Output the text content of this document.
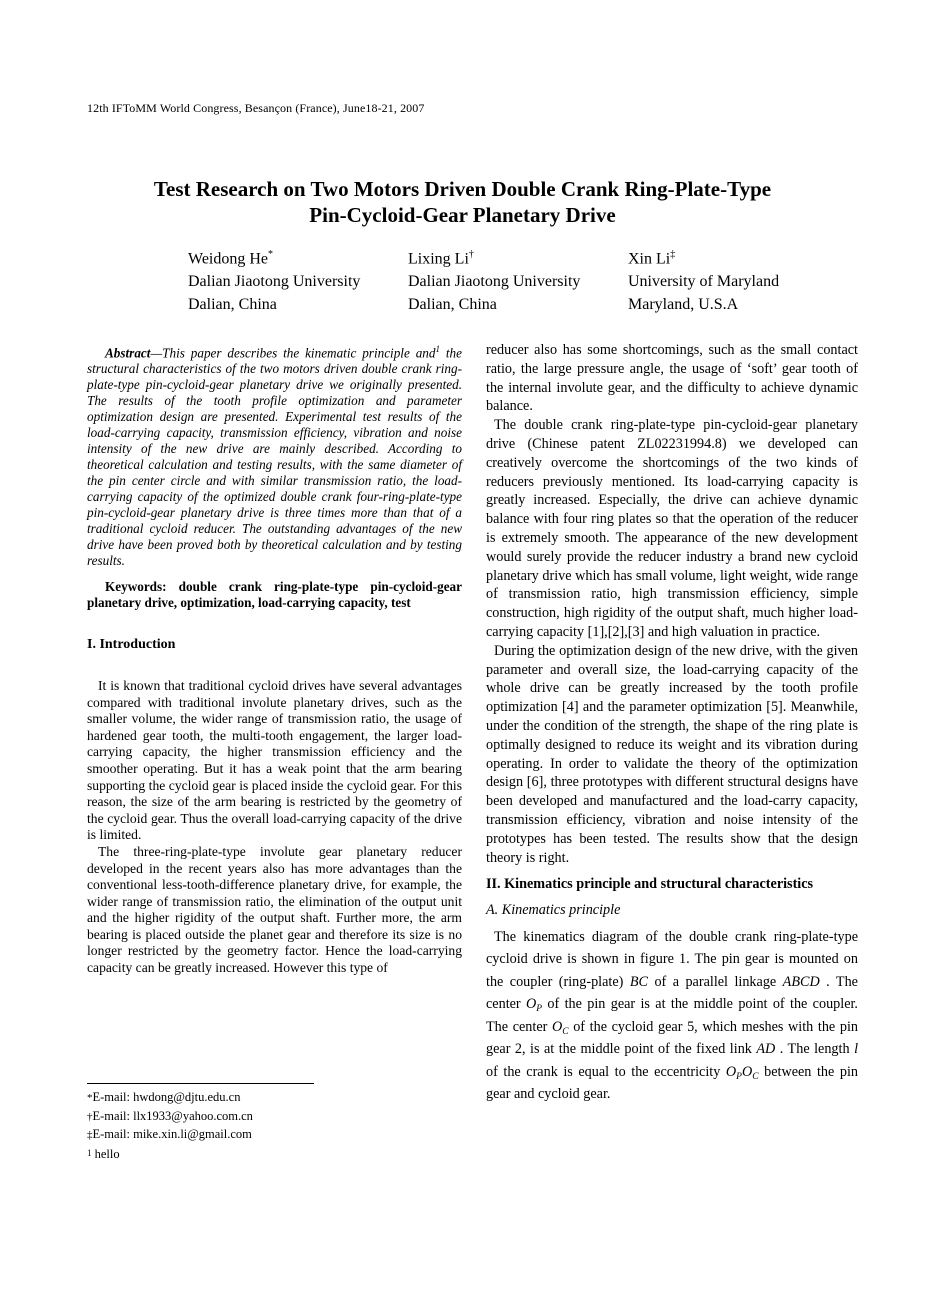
12th IFToMM World Congress, Besançon (France), June18-21, 2007
Test Research on Two Motors Driven Double Crank Ring-Plate-Type
Pin-Cycloid-Gear Planetary Drive
Weidong He*
Dalian Jiaotong University
Dalian, China
Lixing Li†
Dalian Jiaotong University
Dalian, China
Xin Li‡
University of Maryland
Maryland, U.S.A

Abstract—This paper describes the kinematic principle and$^1$ the structural characteristics of the two motors driven double crank ring-plate-type pin-cycloid-gear planetary drive we originally presented. The results of the tooth profile optimization and parameter optimization design are presented. Experimental test results of the load-carrying capacity, transmission efficiency, vibration and noise intensity of the new drive are mainly described. According to theoretical calculation and testing results, with the same diameter of the pin center circle and with similar transmission ratio, the load-carrying capacity of the optimized double crank four-ring-plate-type pin-cycloid-gear planetary drive is three times more than that of a traditional cycloid reducer. The outstanding advantages of the new drive have been proved both by theoretical calculation and by testing results.

Keywords: double crank ring-plate-type pin-cycloid-gear planetary drive, optimization, load-carrying capacity, test

I. Introduction

It is known that traditional cycloid drives have several advantages compared with traditional involute planetary drives, such as the smaller volume, the wider range of transmission ratio, the usage of hardened gear tooth, the multi-tooth engagement, the larger load-carrying capacity, the higher transmission efficiency and the smoother operating. But it has a weak point that the arm bearing supporting the cycloid gear is placed inside the cycloid gear. For this reason, the size of the arm bearing is restricted by the geometry of the cycloid gear. Thus the overall load-carrying capacity of the drive is limited.

The three-ring-plate-type involute gear planetary reducer developed in the recent years also has more advantages than the conventional less-tooth-difference planetary drive, for example, the wider range of transmission ratio, the elimination of the output unit and the higher rigidity of the output shaft. Further more, the arm bearing is placed outside the planet gear and therefore its size is no longer restricted by the geometry factor. Hence the load-carrying capacity can be greatly increased. However this type of

reducer also has some shortcomings, such as the small contact ratio, the large pressure angle, the usage of ‘soft’ gear tooth of the internal involute gear, and the difficulty to achieve dynamic balance.

The double crank ring-plate-type pin-cycloid-gear planetary drive (Chinese patent ZL02231994.8) we developed can creatively overcome the shortcomings of the two kinds of reducers previously mentioned. Its load-carrying capacity is greatly increased. Especially, the drive can achieve dynamic balance with four ring plates so that the operation of the reducer is extremely smooth. The appearance of the new development would surely provide the reducer industry a brand new cycloid planetary drive which has small volume, light weight, wide range of transmission ratio, high transmission efficiency, simple construction, high rigidity of the output shaft, much higher load-carrying capacity [1],[2],[3] and high valuation in practice.

During the optimization design of the new drive, with the given parameter and overall size, the load-carrying capacity of the whole drive can be greatly increased by the tooth profile optimization [4] and the parameter optimization [5]. Meanwhile, under the condition of the strength, the shape of the ring plate is optimally designed to reduce its weight and its vibration during operating. In order to validate the theory of the optimization design [6], three prototypes with different structural designs have been developed and manufactured and the load-carry capacity, transmission efficiency, vibration and noise intensity of the prototypes has been tested. The results show that the design theory is right.

II. Kinematics principle and structural characteristics

A. Kinematics principle

The kinematics diagram of the double crank ring-plate-type cycloid drive is shown in figure 1. The pin gear is mounted on the coupler (ring-plate) BC of a parallel linkage ABCD . The center $O_P$ of the pin gear is at the middle point of the coupler. The center $O_C$ of the cycloid gear 5, which meshes with the pin gear 2, is at the middle point of the fixed link AD . The length l of the crank is equal to the eccentricity $O_PO_C$ between the pin gear and cycloid gear.

*E-mail: hwdong@djtu.edu.cn
†E-mail: llx1933@yahoo.com.cn
‡E-mail: mike.xin.li@gmail.com
1 hello
